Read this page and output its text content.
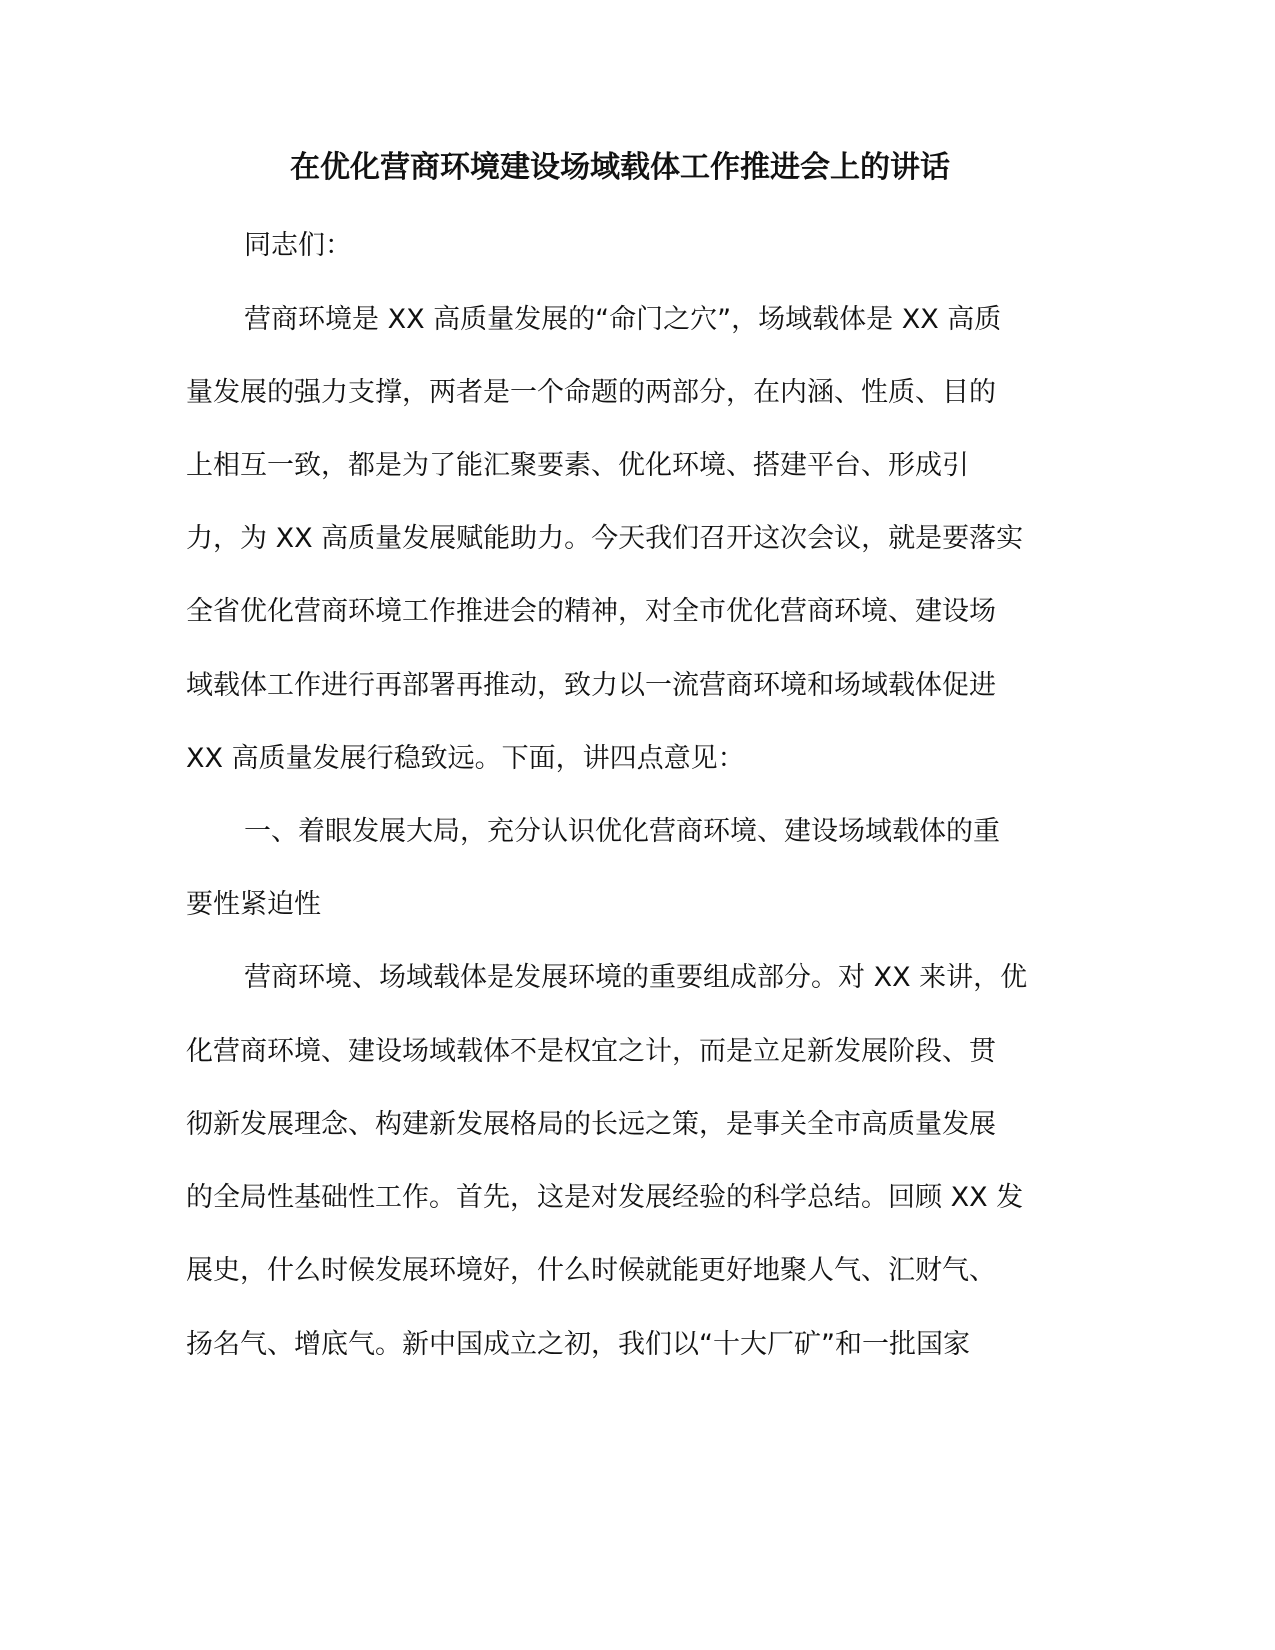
在优化营商环境建设场域载体工作推进会上的讲话

同志们：

营商环境是 XX 高质量发展的“命门之穴”，场域载体是 XX 高质

量发展的强力支撑，两者是一个命题的两部分，在内涵、性质、目的

上相互一致，都是为了能汇聚要素、优化环境、搭建平台、形成引

力，为 XX 高质量发展赋能助力。今天我们召开这次会议，就是要落实

全省优化营商环境工作推进会的精神，对全市优化营商环境、建设场

域载体工作进行再部署再推动，致力以一流营商环境和场域载体促进

XX 高质量发展行稳致远。下面，讲四点意见：

一、着眼发展大局，充分认识优化营商环境、建设场域载体的重

要性紧迫性

营商环境、场域载体是发展环境的重要组成部分。对 XX 来讲，优

化营商环境、建设场域载体不是权宜之计，而是立足新发展阶段、贯

彻新发展理念、构建新发展格局的长远之策，是事关全市高质量发展

的全局性基础性工作。首先，这是对发展经验的科学总结。回顾 XX 发

展史，什么时候发展环境好，什么时候就能更好地聚人气、汇财气、

扬名气、增底气。新中国成立之初，我们以“十大厂矿”和一批国家
